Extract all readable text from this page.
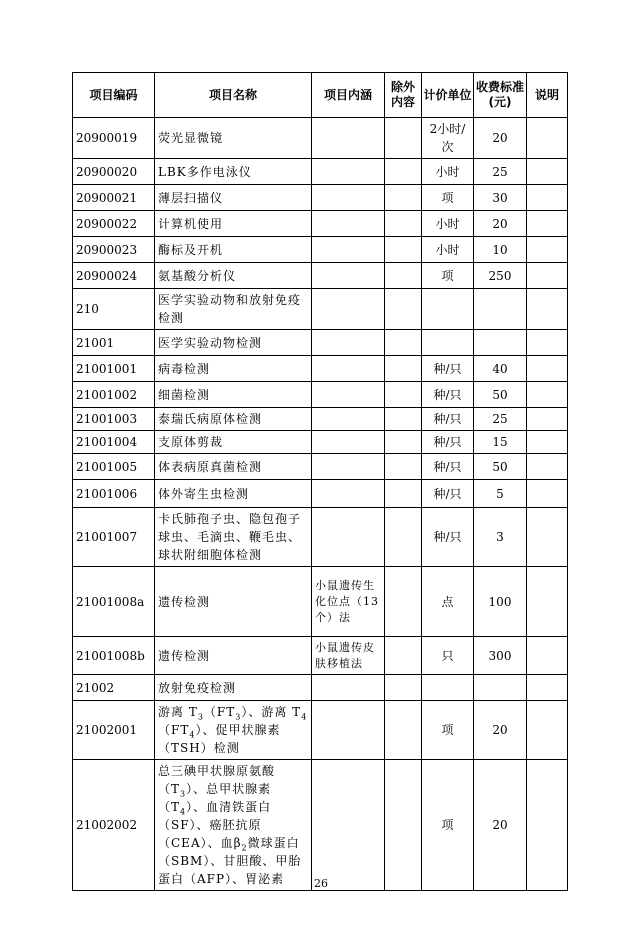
项目编码	项目名称	项目内涵	除外内容	计价单位	收费标准(元)	说明
20900019	荧光显微镜			2小时/次	20	
20900020	LBK多作电泳仪			小时	25	
20900021	薄层扫描仪			项	30	
20900022	计算机使用			小时	20	
20900023	酶标及开机			小时	10	
20900024	氨基酸分析仪			项	250	
210	医学实验动物和放射免疫检测					
21001	医学实验动物检测					
21001001	病毒检测			种/只	40	
21001002	细菌检测			种/只	50	
21001003	泰瑞氏病原体检测			种/只	25	
21001004	支原体剪裁			种/只	15	
21001005	体表病原真菌检测			种/只	50	
21001006	体外寄生虫检测			种/只	5	
21001007	卡氏肺孢子虫、隐包孢子球虫、毛滴虫、鞭毛虫、球状附细胞体检测			种/只	3	
21001008a	遗传检测	小鼠遗传生化位点（13个）法		点	100	
21001008b	遗传检测	小鼠遗传皮肤移植法		只	300	
21002	放射免疫检测					
21002001	游离 $T_3(FT_3)$、游离 $T_4(FT_4)$、促甲状腺素（TSH）检测			项	20	
21002002	总三碘甲状腺原氨酸$(T_3)$、总甲状腺素$(T_4)$、血清铁蛋白（SF）、癌胚抗原（CEA）、血$\beta_2$微球蛋白（SBM）、甘胆酸、甲胎蛋白（AFP）、胃泌素			项	20	
26
